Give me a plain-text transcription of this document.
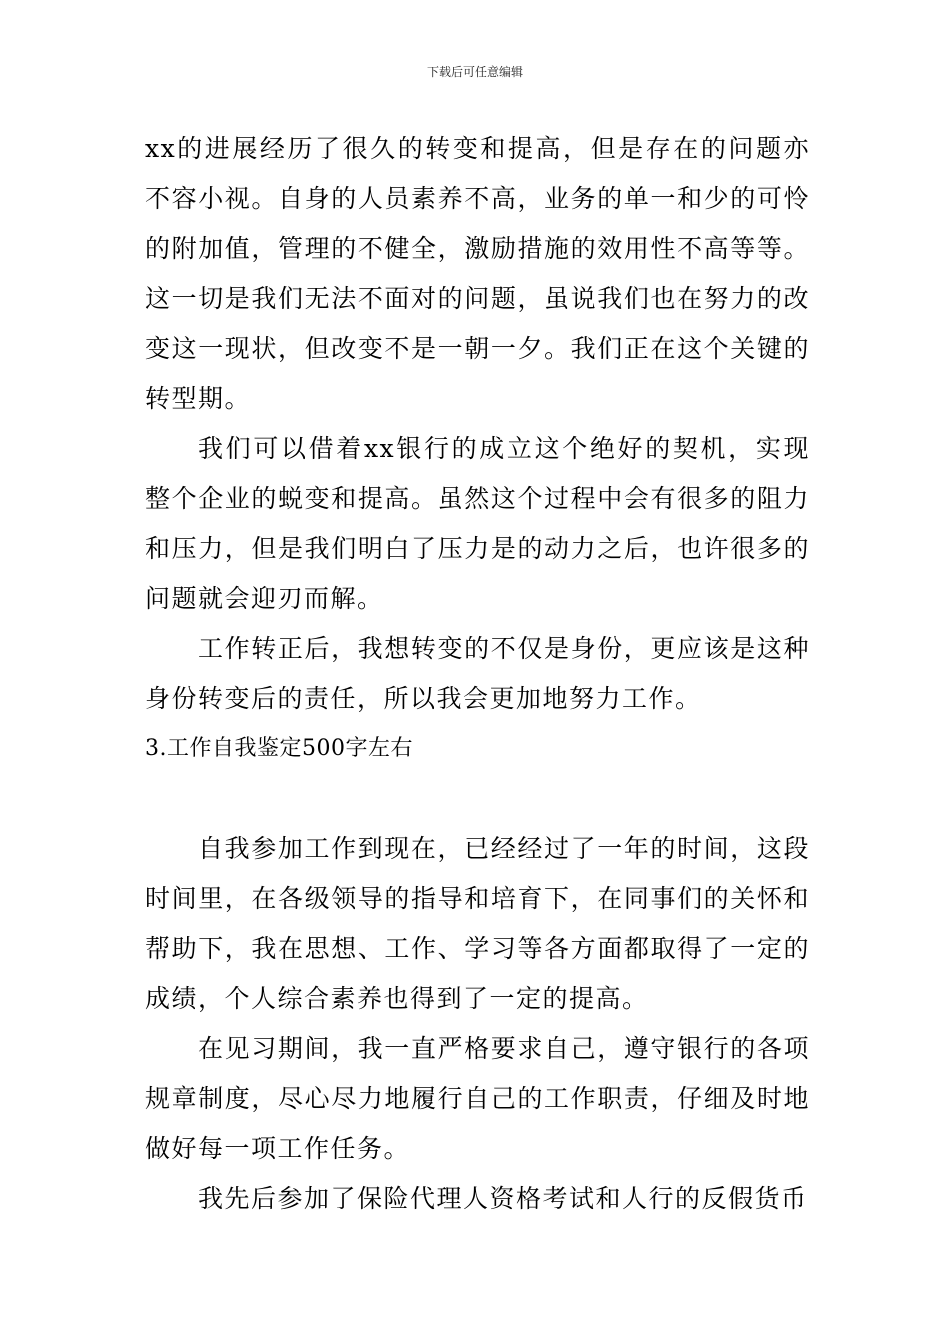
下载后可任意编辑

xx的进展经历了很久的转变和提高，但是存在的问题亦不容小视。自身的人员素养不高，业务的单一和少的可怜的附加值，管理的不健全，激励措施的效用性不高等等。这一切是我们无法不面对的问题，虽说我们也在努力的改变这一现状，但改变不是一朝一夕。我们正在这个关键的转型期。

我们可以借着xx银行的成立这个绝好的契机，实现整个企业的蜕变和提高。虽然这个过程中会有很多的阻力和压力，但是我们明白了压力是的动力之后，也许很多的问题就会迎刃而解。

工作转正后，我想转变的不仅是身份，更应该是这种身份转变后的责任，所以我会更加地努力工作。

3.工作自我鉴定500字左右

自我参加工作到现在，已经经过了一年的时间，这段时间里，在各级领导的指导和培育下，在同事们的关怀和帮助下，我在思想、工作、学习等各方面都取得了一定的成绩，个人综合素养也得到了一定的提高。

在见习期间，我一直严格要求自己，遵守银行的各项规章制度，尽心尽力地履行自己的工作职责，仔细及时地做好每一项工作任务。

我先后参加了保险代理人资格考试和人行的反假货币
